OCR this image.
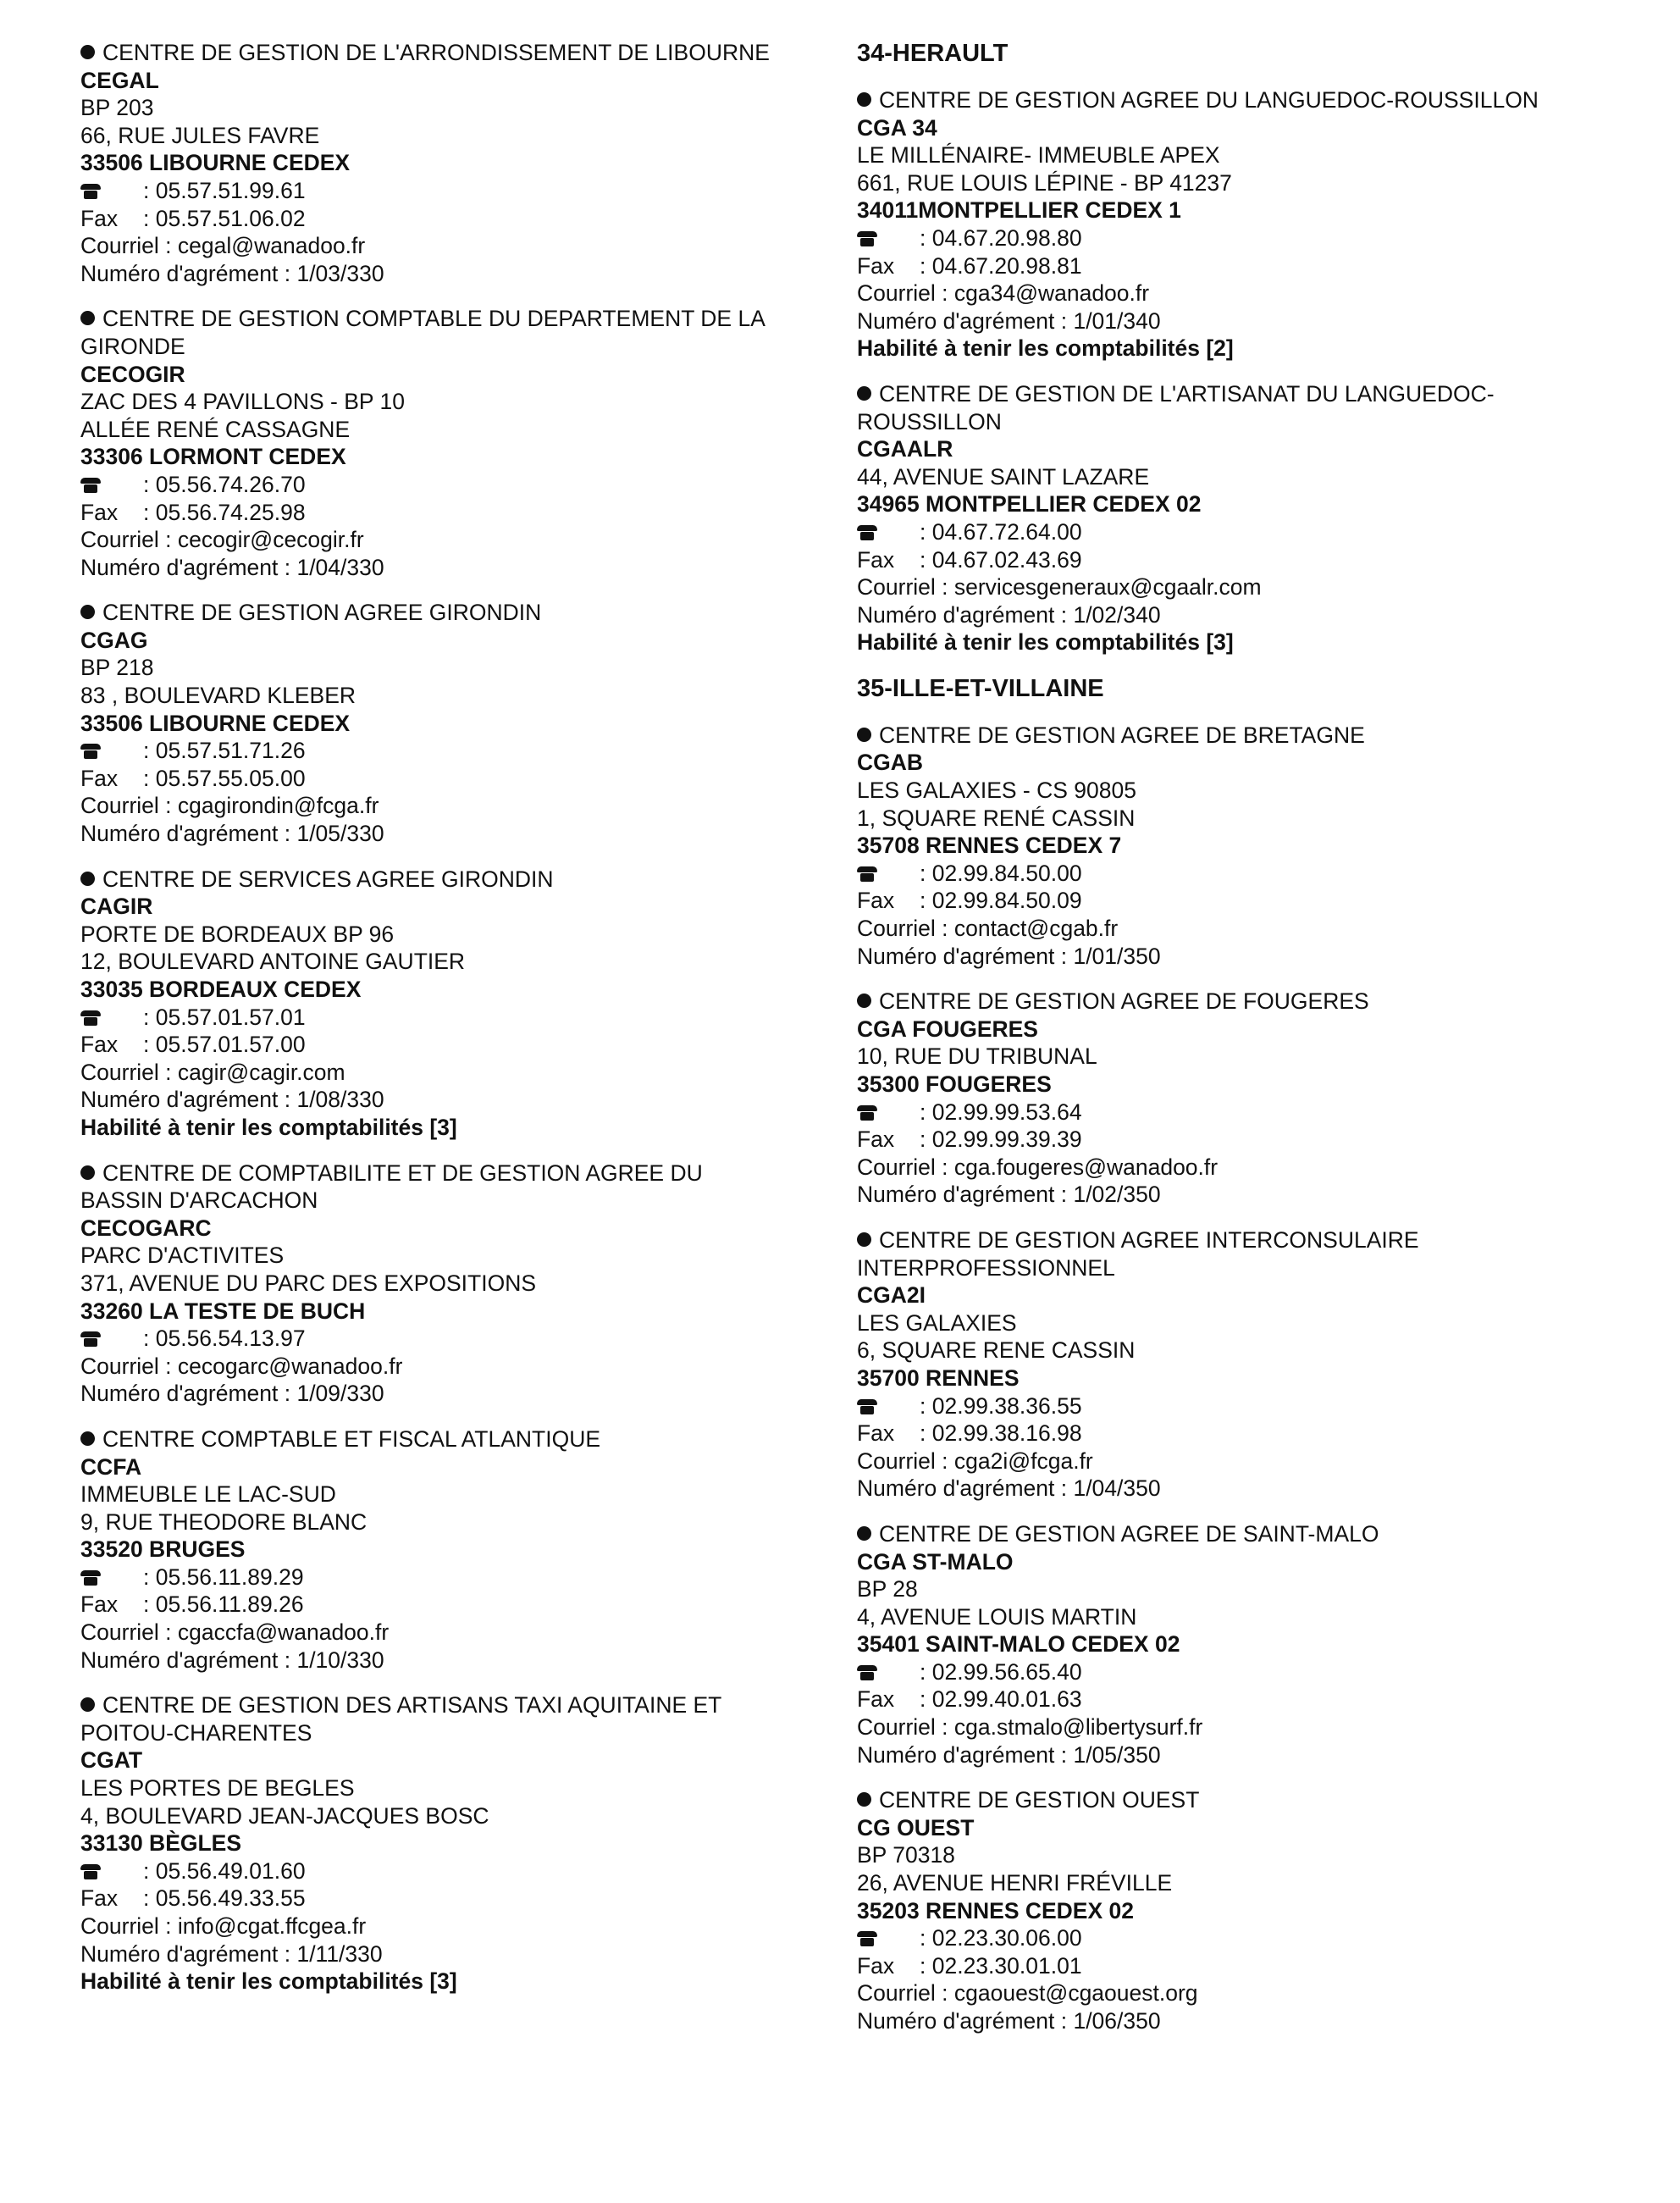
CENTRE DE GESTION DE L'ARRONDISSEMENT DE LIBOURNE
CEGAL
BP 203
66, RUE JULES FAVRE
33506 LIBOURNE CEDEX
: 05.57.51.99.61
Fax : 05.57.51.06.02
Courriel : cegal@wanadoo.fr
Numéro d'agrément : 1/03/330
CENTRE DE GESTION COMPTABLE DU DEPARTEMENT DE LA
GIRONDE
CECOGIR
ZAC DES 4 PAVILLONS - BP 10
ALLÉE RENÉ CASSAGNE
33306 LORMONT CEDEX
: 05.56.74.26.70
Fax : 05.56.74.25.98
Courriel : cecogir@cecogir.fr
Numéro d'agrément : 1/04/330
CENTRE DE GESTION AGREE GIRONDIN
CGAG
BP 218
83 , BOULEVARD KLEBER
33506 LIBOURNE CEDEX
: 05.57.51.71.26
Fax : 05.57.55.05.00
Courriel : cgagirondin@fcga.fr
Numéro d'agrément : 1/05/330
CENTRE DE SERVICES AGREE GIRONDIN
CAGIR
PORTE DE BORDEAUX BP 96
12, BOULEVARD ANTOINE GAUTIER
33035 BORDEAUX CEDEX
: 05.57.01.57.01
Fax : 05.57.01.57.00
Courriel : cagir@cagir.com
Numéro d'agrément : 1/08/330
Habilité à tenir les comptabilités [3]
CENTRE DE COMPTABILITE ET DE GESTION AGREE DU
BASSIN D'ARCACHON
CECOGARC
PARC D'ACTIVITES
371, AVENUE DU PARC DES EXPOSITIONS
33260 LA TESTE DE BUCH
: 05.56.54.13.97
Courriel : cecogarc@wanadoo.fr
Numéro d'agrément : 1/09/330
CENTRE COMPTABLE ET FISCAL ATLANTIQUE
CCFA
IMMEUBLE LE LAC-SUD
9, RUE THEODORE BLANC
33520 BRUGES
: 05.56.11.89.29
Fax : 05.56.11.89.26
Courriel : cgaccfa@wanadoo.fr
Numéro d'agrément : 1/10/330
CENTRE DE GESTION DES ARTISANS TAXI AQUITAINE ET
POITOU-CHARENTES
CGAT
LES PORTES DE BEGLES
4, BOULEVARD JEAN-JACQUES BOSC
33130 BÈGLES
: 05.56.49.01.60
Fax : 05.56.49.33.55
Courriel : info@cgat.ffcgea.fr
Numéro d'agrément : 1/11/330
Habilité à tenir les comptabilités [3]
34-HERAULT
CENTRE DE GESTION AGREE DU LANGUEDOC-ROUSSILLON
CGA 34
LE MILLÉNAIRE- IMMEUBLE APEX
661, RUE LOUIS LÉPINE - BP 41237
34011MONTPELLIER CEDEX 1
: 04.67.20.98.80
Fax : 04.67.20.98.81
Courriel : cga34@wanadoo.fr
Numéro d'agrément : 1/01/340
Habilité à tenir les comptabilités [2]
CENTRE DE GESTION DE L'ARTISANAT DU LANGUEDOC-
ROUSSILLON
CGAALR
44, AVENUE SAINT LAZARE
34965 MONTPELLIER CEDEX 02
: 04.67.72.64.00
Fax : 04.67.02.43.69
Courriel : servicesgeneraux@cgaalr.com
Numéro d'agrément : 1/02/340
Habilité à tenir les comptabilités [3]
35-ILLE-ET-VILLAINE
CENTRE DE GESTION AGREE DE BRETAGNE
CGAB
LES GALAXIES - CS 90805
1, SQUARE RENÉ CASSIN
35708 RENNES CEDEX 7
: 02.99.84.50.00
Fax : 02.99.84.50.09
Courriel : contact@cgab.fr
Numéro d'agrément : 1/01/350
CENTRE DE GESTION AGREE DE FOUGERES
CGA FOUGERES
10, RUE DU TRIBUNAL
35300 FOUGERES
: 02.99.99.53.64
Fax : 02.99.99.39.39
Courriel : cga.fougeres@wanadoo.fr
Numéro d'agrément : 1/02/350
CENTRE DE GESTION AGREE INTERCONSULAIRE
INTERPROFESSIONNEL
CGA2I
LES GALAXIES
6, SQUARE RENE CASSIN
35700 RENNES
: 02.99.38.36.55
Fax : 02.99.38.16.98
Courriel : cga2i@fcga.fr
Numéro d'agrément : 1/04/350
CENTRE DE GESTION AGREE DE SAINT-MALO
CGA ST-MALO
BP 28
4, AVENUE LOUIS MARTIN
35401 SAINT-MALO CEDEX 02
: 02.99.56.65.40
Fax : 02.99.40.01.63
Courriel : cga.stmalo@libertysurf.fr
Numéro d'agrément : 1/05/350
CENTRE DE GESTION OUEST
CG OUEST
BP 70318
26, AVENUE HENRI FRÉVILLE
35203 RENNES CEDEX 02
: 02.23.30.06.00
Fax : 02.23.30.01.01
Courriel : cgaouest@cgaouest.org
Numéro d'agrément : 1/06/350
